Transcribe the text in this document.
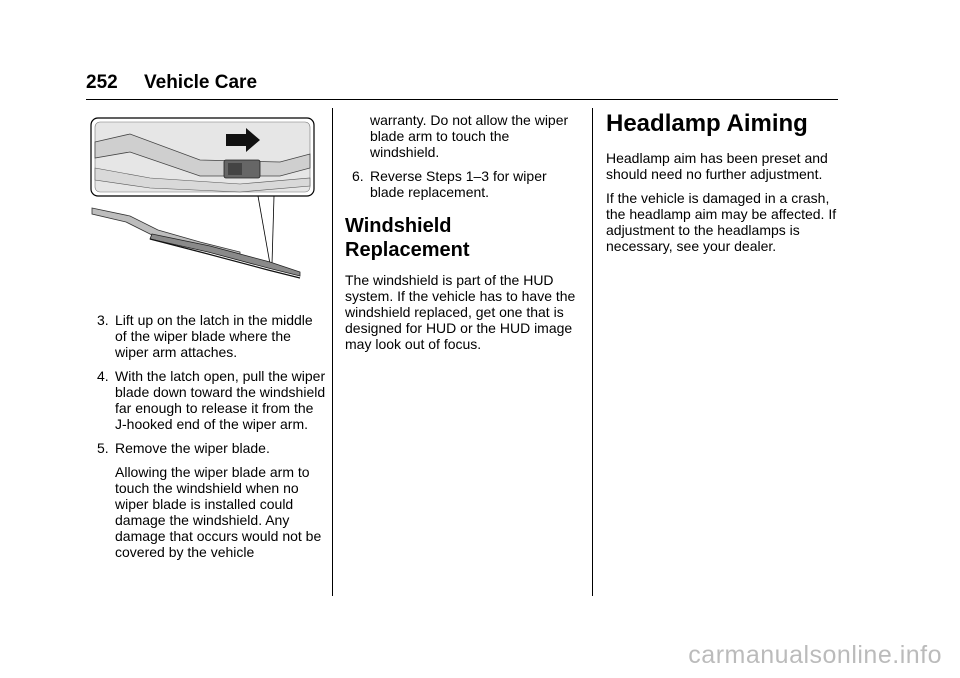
252 Vehicle Care
3. Lift up on the latch in the middle of the wiper blade where the wiper arm attaches.
4. With the latch open, pull the wiper blade down toward the windshield far enough to release it from the J-hooked end of the wiper arm.
5. Remove the wiper blade.

Allowing the wiper blade arm to touch the windshield when no wiper blade is installed could damage the windshield. Any damage that occurs would not be covered by the vehicle

warranty. Do not allow the wiper blade arm to touch the windshield.

6. Reverse Steps 1–3 for wiper blade replacement.
Windshield Replacement

The windshield is part of the HUD system. If the vehicle has to have the windshield replaced, get one that is designed for HUD or the HUD image may look out of focus.

Headlamp Aiming

Headlamp aim has been preset and should need no further adjustment.

If the vehicle is damaged in a crash, the headlamp aim may be affected. If adjustment to the headlamps is necessary, see your dealer.

carmanualsonline.info
